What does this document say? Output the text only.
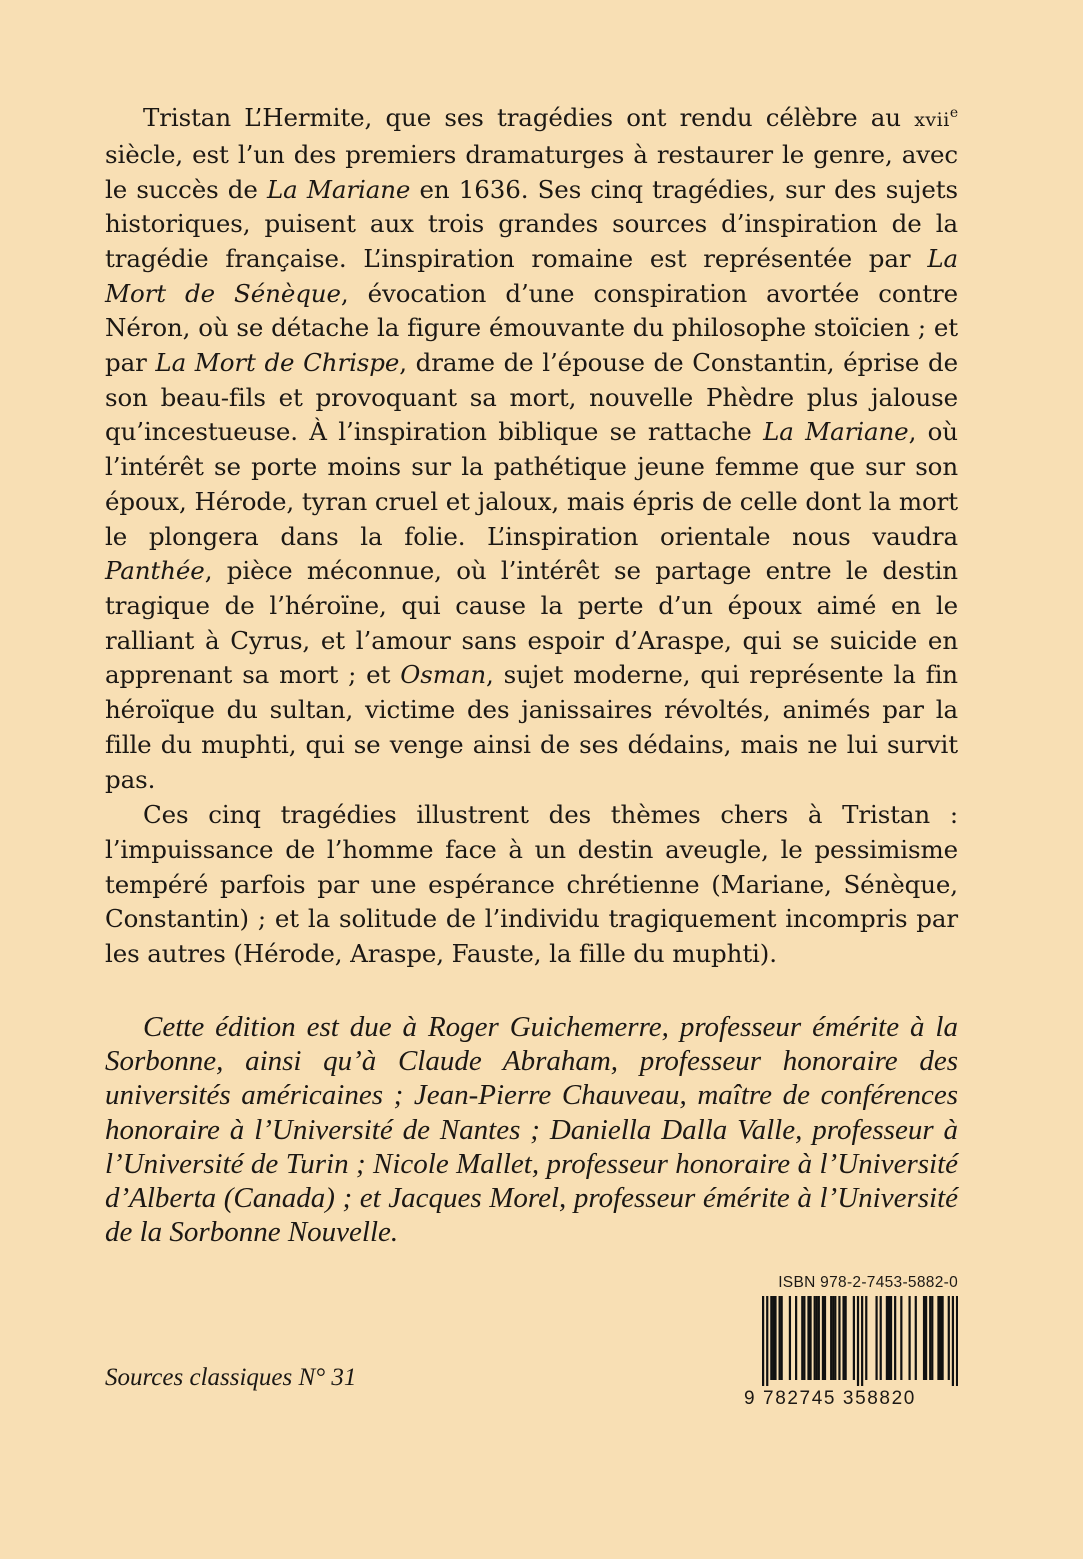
Tristan L’Hermite, que ses tragédies ont rendu célèbre au xvii$^e$ siècle, est l’un des premiers dramaturges à restaurer le genre, avec le succès de La Mariane en 1636. Ses cinq tragédies, sur des sujets historiques, puisent aux trois grandes sources d’inspiration de la tragédie française. L’inspiration romaine est représentée par La Mort de Sénèque, évocation d’une conspiration avortée contre Néron, où se détache la figure émouvante du philosophe stoïcien ; et par La Mort de Chrispe, drame de l’épouse de Constantin, éprise de son beau-fils et provoquant sa mort, nouvelle Phèdre plus jalouse qu’incestueuse. À l’inspiration biblique se rattache La Mariane, où l’intérêt se porte moins sur la pathétique jeune femme que sur son époux, Hérode, tyran cruel et jaloux, mais épris de celle dont la mort le plongera dans la folie. L’inspiration orientale nous vaudra Panthée, pièce méconnue, où l’intérêt se partage entre le destin tragique de l’héroïne, qui cause la perte d’un époux aimé en le ralliant à Cyrus, et l’amour sans espoir d’Araspe, qui se suicide en apprenant sa mort ; et Osman, sujet moderne, qui représente la fin héroïque du sultan, victime des janissaires révoltés, animés par la fille du muphti, qui se venge ainsi de ses dédains, mais ne lui survit pas.

Ces cinq tragédies illustrent des thèmes chers à Tristan : l’impuissance de l’homme face à un destin aveugle, le pessimisme tempéré parfois par une espérance chrétienne (Mariane, Sénèque, Constantin) ; et la solitude de l’individu tragiquement incompris par les autres (Hérode, Araspe, Fauste, la fille du muphti).

Cette édition est due à Roger Guichemerre, professeur émérite à la Sorbonne, ainsi qu’à Claude Abraham, professeur honoraire des universités américaines ; Jean-Pierre Chauveau, maître de conférences honoraire à l’Université de Nantes ; Daniella Dalla Valle, professeur à l’Université de Turin ; Nicole Mallet, professeur honoraire à l’Université d’Alberta (Canada) ; et Jacques Morel, professeur émérite à l’Université de la Sorbonne Nouvelle.

Sources classiques N° 31
ISBN 978-2-7453-5882-0
9 782745 358820
